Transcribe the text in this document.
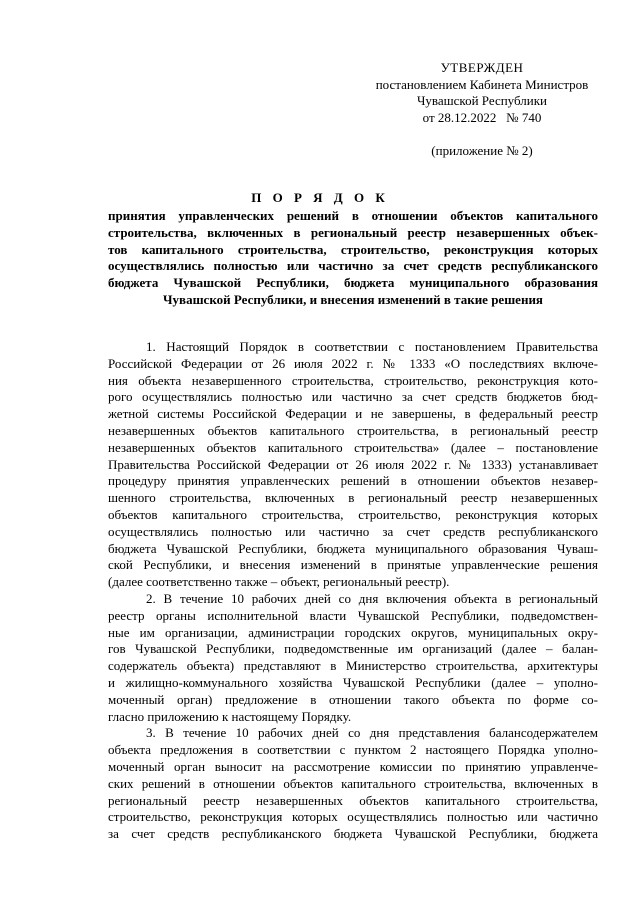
УТВЕРЖДЕН
постановлением Кабинета Министров
Чувашской Республики
от 28.12.2022   № 740
(приложение № 2)
П О Р Я Д О К
принятия управленческих решений в отношении объектов капитального
строительства, включенных в региональный реестр незавершенных объек-
тов капитального строительства, строительство, реконструкция которых
осуществлялись полностью или частично за счет средств республиканского
бюджета Чувашской Республики, бюджета муниципального образования
Чувашской Республики, и внесения изменений в такие решения
1. Настоящий Порядок в соответствии с постановлением Правительства
Российской Федерации от 26 июля 2022 г. № 1333 «О последствиях включе-
ния объекта незавершенного строительства, строительство, реконструкция кото-
рого осуществлялись полностью или частично за счет средств бюджетов бюд-
жетной системы Российской Федерации и не завершены, в федеральный реестр
незавершенных объектов капитального строительства, в региональный реестр
незавершенных объектов капитального строительства» (далее – постановление
Правительства Российской Федерации от 26 июля 2022 г. № 1333) устанавливает
процедуру принятия управленческих решений в отношении объектов незавер-
шенного строительства, включенных в региональный реестр незавершенных
объектов капитального строительства, строительство, реконструкция которых
осуществлялись полностью или частично за счет средств республиканского
бюджета Чувашской Республики, бюджета муниципального образования Чуваш-
ской Республики, и внесения изменений в принятые управленческие решения
(далее соответственно также – объект, региональный реестр).
2. В течение 10 рабочих дней со дня включения объекта в региональный
реестр органы исполнительной власти Чувашской Республики, подведомствен-
ные им организации, администрации городских округов, муниципальных окру-
гов Чувашской Республики, подведомственные им организаций (далее – балан-
содержатель объекта) представляют в Министерство строительства, архитектуры
и жилищно-коммунального хозяйства Чувашской Республики (далее – уполно-
моченный орган) предложение в отношении такого объекта по форме со-
гласно приложению к настоящему Порядку.
3. В течение 10 рабочих дней со дня представления балансодержателем
объекта предложения в соответствии с пунктом 2 настоящего Порядка уполно-
моченный орган выносит на рассмотрение комиссии по принятию управленче-
ских решений в отношении объектов капитального строительства, включенных в
региональный реестр незавершенных объектов капитального строительства,
строительство, реконструкция которых осуществлялись полностью или частично
за счет средств республиканского бюджета Чувашской Республики, бюджета
